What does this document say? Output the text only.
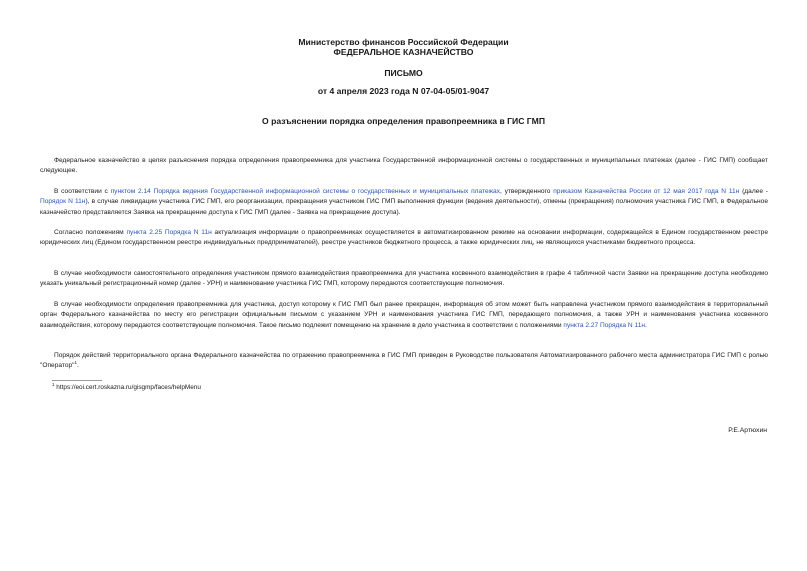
Министерство финансов Российской Федерации
ФЕДЕРАЛЬНОЕ КАЗНАЧЕЙСТВО
ПИСЬМО
от 4 апреля 2023 года N 07-04-05/01-9047
О разъяснении порядка определения правопреемника в ГИС ГМП

Федеральное казначейство в целях разъяснения порядка определения правопреемника для участника Государственной информационной системы о государственных и муниципальных платежах (далее - ГИС ГМП) сообщает следующее.

В соответствии с пунктом 2.14 Порядка ведения Государственной информационной системы о государственных и муниципальных платежах, утвержденного приказом Казначейства России от 12 мая 2017 года N 11н (далее - Порядок N 11н), в случае ликвидации участника ГИС ГМП, его реорганизации, прекращения участником ГИС ГМП выполнения функции (ведения деятельности), отмены (прекращения) полномочия участника ГИС ГМП, в Федеральное казначейство представляется Заявка на прекращение доступа к ГИС ГМП (далее - Заявка на прекращение доступа).

Согласно положениям пункта 2.25 Порядка N 11н актуализация информации о правопреемниках осуществляется в автоматизированном режиме на основании информации, содержащейся в Едином государственном реестре юридических лиц (Едином государственном реестре индивидуальных предпринимателей), реестре участников бюджетного процесса, а также юридических лиц, не являющихся участниками бюджетного процесса.

В случае необходимости самостоятельного определения участником прямого взаимодействия правопреемника для участника косвенного взаимодействия в графе 4 табличной части Заявки на прекращение доступа необходимо указать уникальный регистрационный номер (далее - УРН) и наименование участника ГИС ГМП, которому передаются соответствующие полномочия.

В случае необходимости определения правопреемника для участника, доступ которому к ГИС ГМП был ранее прекращен, информация об этом может быть направлена участником прямого взаимодействия в территориальный орган Федерального казначейства по месту его регистрации официальным письмом с указанием УРН и наименования участника ГИС ГМП, передающего полномочия, а также УРН и наименования участника косвенного взаимодействия, которому передаются соответствующие полномочия. Такое письмо подлежит помещению на хранение в дело участника в соответствии с положениями пункта 2.27 Порядка N 11н.

Порядок действий территориального органа Федерального казначейства по отражению правопреемника в ГИС ГМП приведен в Руководстве пользователя Автоматизированного рабочего места администратора ГИС ГМП с ролью "Оператор"$^1$.

$^1$ https://eoi.cert.roskazna.ru/gisgmp/faces/helpMenu
Р.Е.Артюхин
